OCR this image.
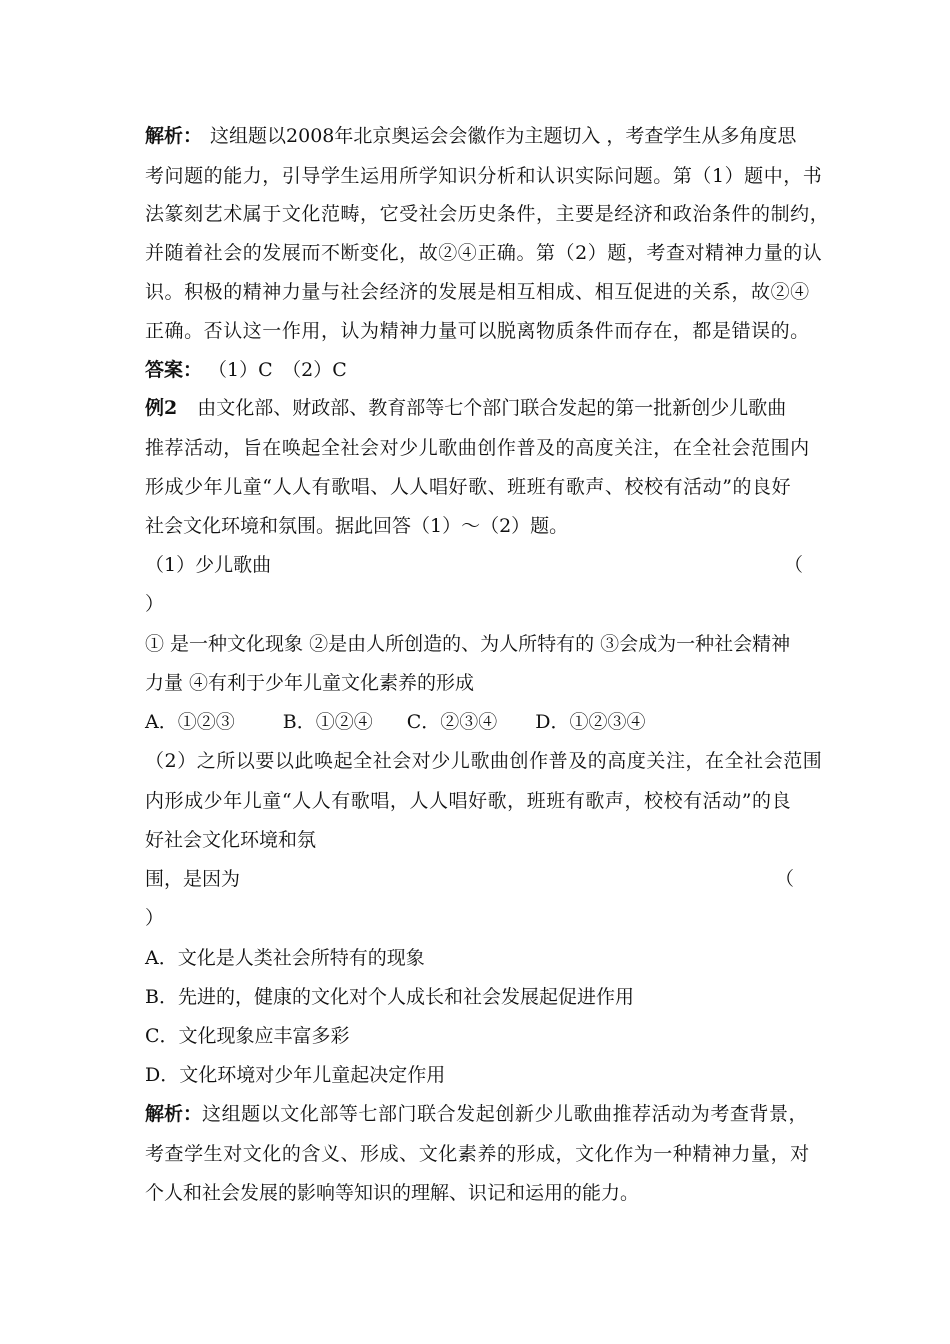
解析： 这组题以2008年北京奥运会会徽作为主题切入 ，考查学生从多角度思
考问题的能力，引导学生运用所学知识分析和认识实际问题。第（1）题中，书
法篆刻艺术属于文化范畴，它受社会历史条件，主要是经济和政治条件的制约，
并随着社会的发展而不断变化，故②④正确。第（2）题，考查对精神力量的认
识。积极的精神力量与社会经济的发展是相互相成、相互促进的关系，故②④
正确。否认这一作用，认为精神力量可以脱离物质条件而存在，都是错误的。
答案： （1）C　（2）C
例2 由文化部、财政部、教育部等七个部门联合发起的第一批新创少儿歌曲
推荐活动，旨在唤起全社会对少儿歌曲创作普及的高度关注，在全社会范围内
形成少年儿童“人人有歌唱、人人唱好歌、班班有歌声、校校有活动”的良好
社会文化环境和氛围。据此回答（1）～（2）题。
（1）少儿歌曲	（
）
① 是一种文化现象 ②是由人所创造的、为人所特有的 ③会成为一种社会精神
力量 ④有利于少年儿童文化素养的形成
A．①②③	B．①②④ C．②③④ D．①②③④
（2）之所以要以此唤起全社会对少儿歌曲创作普及的高度关注，在全社会范围
内形成少年儿童“人人有歌唱，人人唱好歌，班班有歌声，校校有活动”的良
好社会文化环境和氛
围，是因为	（
）
A．文化是人类社会所特有的现象
B．先进的，健康的文化对个人成长和社会发展起促进作用
C．文化现象应丰富多彩
D．文化环境对少年儿童起决定作用
解析：这组题以文化部等七部门联合发起创新少儿歌曲推荐活动为考查背景，
考查学生对文化的含义、形成、文化素养的形成，文化作为一种精神力量，对
个人和社会发展的影响等知识的理解、识记和运用的能力。
